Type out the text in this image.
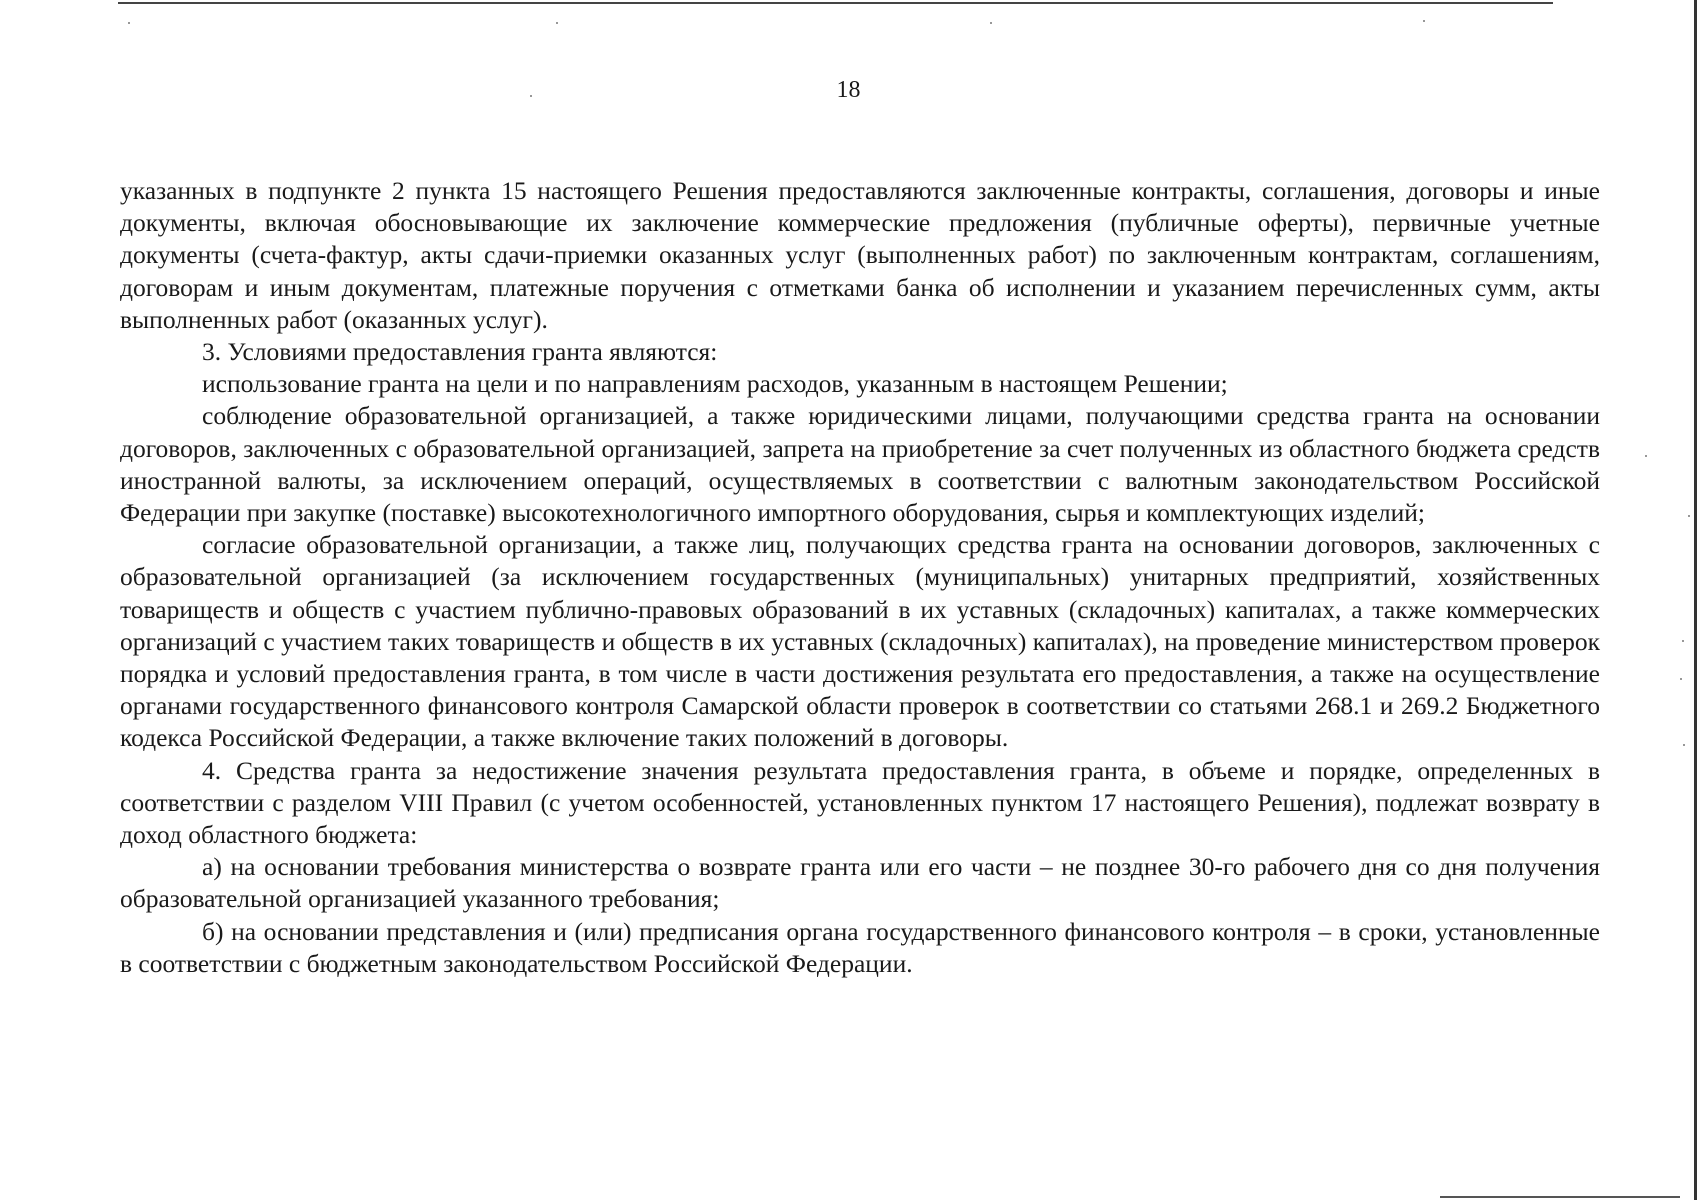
18

указанных в подпункте 2 пункта 15 настоящего Решения предоставляются заключенные контракты, соглашения, договоры и иные документы, включая обосновывающие их заключение коммерческие предложения (публичные оферты), первичные учетные документы (счета-фактур, акты сдачи-приемки оказанных услуг (выполненных работ) по заключенным контрактам, соглашениям, договорам и иным документам, платежные поручения с отметками банка об исполнении и указанием перечисленных сумм, акты выполненных работ (оказанных услуг).

3. Условиями предоставления гранта являются:

использование гранта на цели и по направлениям расходов, указанным в настоящем Решении;

соблюдение образовательной организацией, а также юридическими лицами, получающими средства гранта на основании договоров, заключенных с образовательной организацией, запрета на приобретение за счет полученных из областного бюджета средств иностранной валюты, за исключением операций, осуществляемых в соответствии с валютным законодательством Российской Федерации при закупке (поставке) высокотехнологичного импортного оборудования, сырья и комплектующих изделий;

согласие образовательной организации, а также лиц, получающих средства гранта на основании договоров, заключенных с образовательной организацией (за исключением государственных (муниципальных) унитарных предприятий, хозяйственных товариществ и обществ с участием публично-правовых образований в их уставных (складочных) капиталах, а также коммерческих организаций с участием таких товариществ и обществ в их уставных (складочных) капиталах), на проведение министерством проверок порядка и условий предоставления гранта, в том числе в части достижения результата его предоставления, а также на осуществление органами государственного финансового контроля Самарской области проверок в соответствии со статьями 268.1 и 269.2 Бюджетного кодекса Российской Федерации, а также включение таких положений в договоры.

4. Средства гранта за недостижение значения результата предоставления гранта, в объеме и порядке, определенных в соответствии с разделом VIII Правил (с учетом особенностей, установленных пунктом 17 настоящего Решения), подлежат возврату в доход областного бюджета:

а) на основании требования министерства о возврате гранта или его части – не позднее 30-го рабочего дня со дня получения образовательной организацией указанного требования;

б) на основании представления и (или) предписания органа государственного финансового контроля – в сроки, установленные в соответствии с бюджетным законодательством Российской Федерации.
